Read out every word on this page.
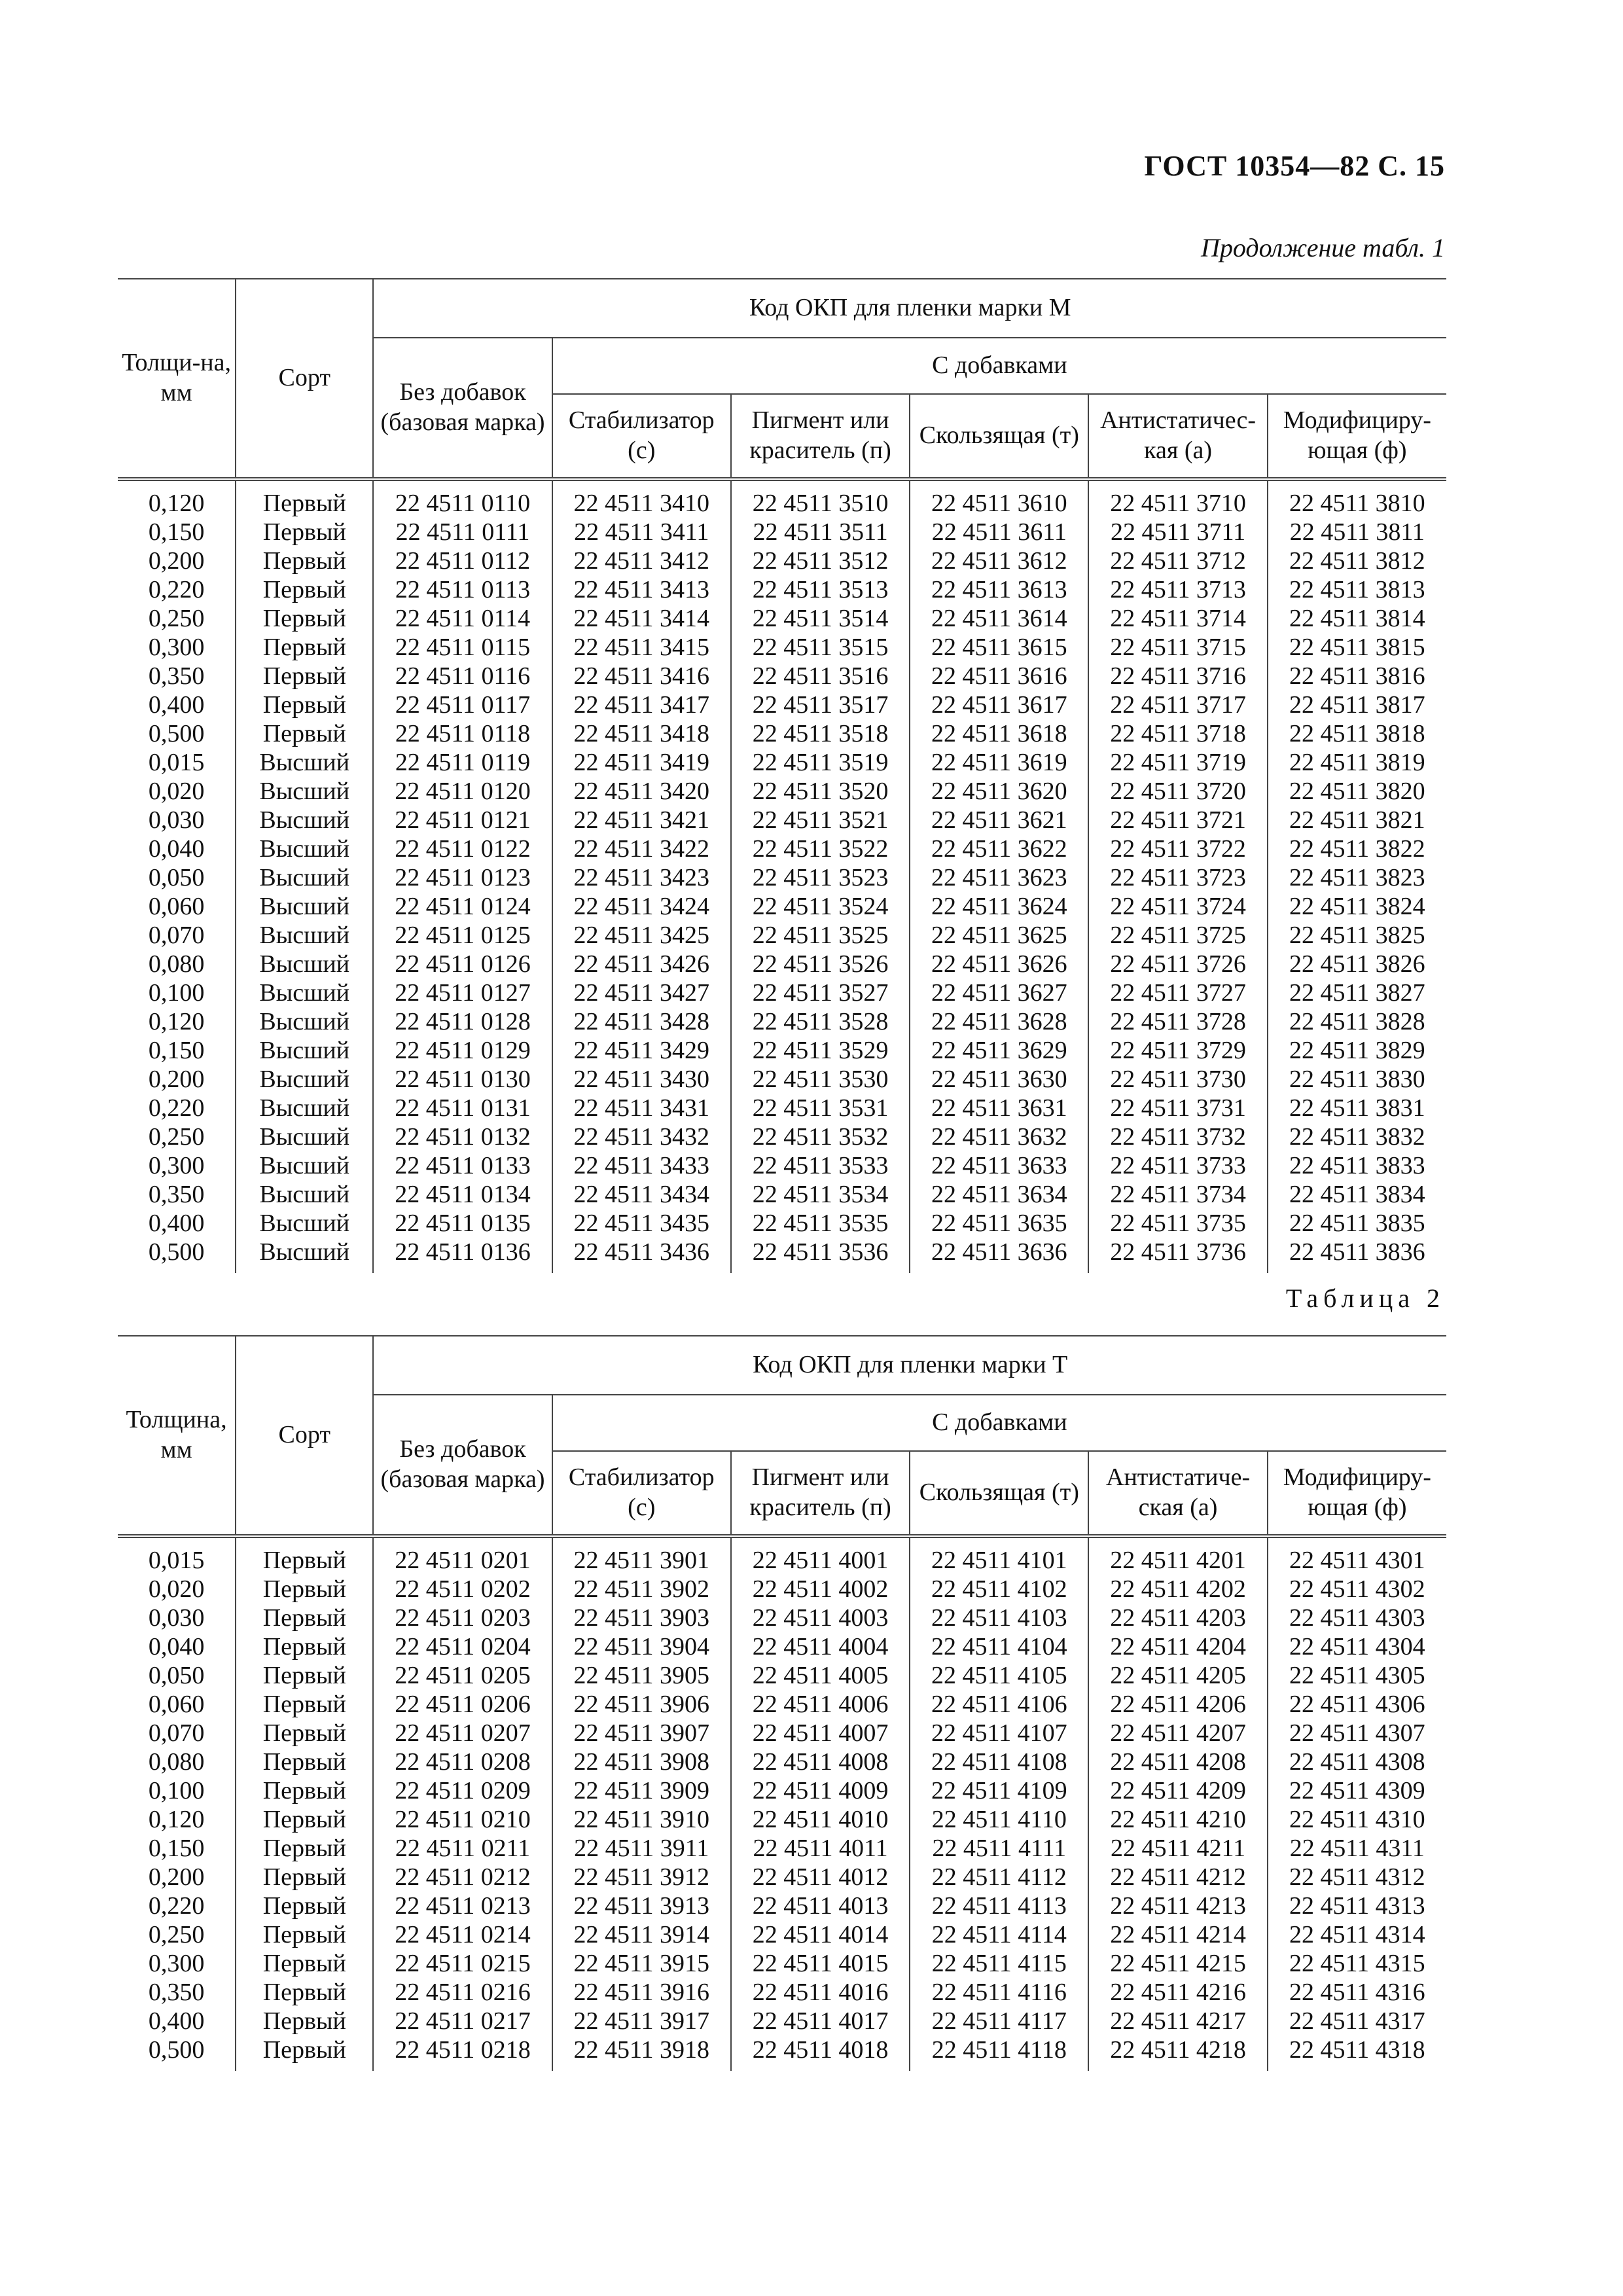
ГОСТ 10354—82 С. 15
Продолжение табл. 1
Толщи-на, мм	Сорт	Код ОКП для пленки марки М					
		Без добавок (базовая марка)	С добавками				
			Стабилизатор (с)	Пигмент или краситель (п)	Скользящая (т)	Антистатичес-кая (а)	Модифициру-ющая (ф)
0,120	Первый	22 4511 0110	22 4511 3410	22 4511 3510	22 4511 3610	22 4511 3710	22 4511 3810
0,150	Первый	22 4511 0111	22 4511 3411	22 4511 3511	22 4511 3611	22 4511 3711	22 4511 3811
0,200	Первый	22 4511 0112	22 4511 3412	22 4511 3512	22 4511 3612	22 4511 3712	22 4511 3812
0,220	Первый	22 4511 0113	22 4511 3413	22 4511 3513	22 4511 3613	22 4511 3713	22 4511 3813
0,250	Первый	22 4511 0114	22 4511 3414	22 4511 3514	22 4511 3614	22 4511 3714	22 4511 3814
0,300	Первый	22 4511 0115	22 4511 3415	22 4511 3515	22 4511 3615	22 4511 3715	22 4511 3815
0,350	Первый	22 4511 0116	22 4511 3416	22 4511 3516	22 4511 3616	22 4511 3716	22 4511 3816
0,400	Первый	22 4511 0117	22 4511 3417	22 4511 3517	22 4511 3617	22 4511 3717	22 4511 3817
0,500	Первый	22 4511 0118	22 4511 3418	22 4511 3518	22 4511 3618	22 4511 3718	22 4511 3818
0,015	Высший	22 4511 0119	22 4511 3419	22 4511 3519	22 4511 3619	22 4511 3719	22 4511 3819
0,020	Высший	22 4511 0120	22 4511 3420	22 4511 3520	22 4511 3620	22 4511 3720	22 4511 3820
0,030	Высший	22 4511 0121	22 4511 3421	22 4511 3521	22 4511 3621	22 4511 3721	22 4511 3821
0,040	Высший	22 4511 0122	22 4511 3422	22 4511 3522	22 4511 3622	22 4511 3722	22 4511 3822
0,050	Высший	22 4511 0123	22 4511 3423	22 4511 3523	22 4511 3623	22 4511 3723	22 4511 3823
0,060	Высший	22 4511 0124	22 4511 3424	22 4511 3524	22 4511 3624	22 4511 3724	22 4511 3824
0,070	Высший	22 4511 0125	22 4511 3425	22 4511 3525	22 4511 3625	22 4511 3725	22 4511 3825
0,080	Высший	22 4511 0126	22 4511 3426	22 4511 3526	22 4511 3626	22 4511 3726	22 4511 3826
0,100	Высший	22 4511 0127	22 4511 3427	22 4511 3527	22 4511 3627	22 4511 3727	22 4511 3827
0,120	Высший	22 4511 0128	22 4511 3428	22 4511 3528	22 4511 3628	22 4511 3728	22 4511 3828
0,150	Высший	22 4511 0129	22 4511 3429	22 4511 3529	22 4511 3629	22 4511 3729	22 4511 3829
0,200	Высший	22 4511 0130	22 4511 3430	22 4511 3530	22 4511 3630	22 4511 3730	22 4511 3830
0,220	Высший	22 4511 0131	22 4511 3431	22 4511 3531	22 4511 3631	22 4511 3731	22 4511 3831
0,250	Высший	22 4511 0132	22 4511 3432	22 4511 3532	22 4511 3632	22 4511 3732	22 4511 3832
0,300	Высший	22 4511 0133	22 4511 3433	22 4511 3533	22 4511 3633	22 4511 3733	22 4511 3833
0,350	Высший	22 4511 0134	22 4511 3434	22 4511 3534	22 4511 3634	22 4511 3734	22 4511 3834
0,400	Высший	22 4511 0135	22 4511 3435	22 4511 3535	22 4511 3635	22 4511 3735	22 4511 3835
0,500	Высший	22 4511 0136	22 4511 3436	22 4511 3536	22 4511 3636	22 4511 3736	22 4511 3836
Таблица 2
Толщина, мм	Сорт	Код ОКП для пленки марки Т					
		Без добавок (базовая марка)	С добавками				
			Стабилизатор (с)	Пигмент или краситель (п)	Скользящая (т)	Антистатиче-ская (а)	Модифициру-ющая (ф)
0,015	Первый	22 4511 0201	22 4511 3901	22 4511 4001	22 4511 4101	22 4511 4201	22 4511 4301
0,020	Первый	22 4511 0202	22 4511 3902	22 4511 4002	22 4511 4102	22 4511 4202	22 4511 4302
0,030	Первый	22 4511 0203	22 4511 3903	22 4511 4003	22 4511 4103	22 4511 4203	22 4511 4303
0,040	Первый	22 4511 0204	22 4511 3904	22 4511 4004	22 4511 4104	22 4511 4204	22 4511 4304
0,050	Первый	22 4511 0205	22 4511 3905	22 4511 4005	22 4511 4105	22 4511 4205	22 4511 4305
0,060	Первый	22 4511 0206	22 4511 3906	22 4511 4006	22 4511 4106	22 4511 4206	22 4511 4306
0,070	Первый	22 4511 0207	22 4511 3907	22 4511 4007	22 4511 4107	22 4511 4207	22 4511 4307
0,080	Первый	22 4511 0208	22 4511 3908	22 4511 4008	22 4511 4108	22 4511 4208	22 4511 4308
0,100	Первый	22 4511 0209	22 4511 3909	22 4511 4009	22 4511 4109	22 4511 4209	22 4511 4309
0,120	Первый	22 4511 0210	22 4511 3910	22 4511 4010	22 4511 4110	22 4511 4210	22 4511 4310
0,150	Первый	22 4511 0211	22 4511 3911	22 4511 4011	22 4511 4111	22 4511 4211	22 4511 4311
0,200	Первый	22 4511 0212	22 4511 3912	22 4511 4012	22 4511 4112	22 4511 4212	22 4511 4312
0,220	Первый	22 4511 0213	22 4511 3913	22 4511 4013	22 4511 4113	22 4511 4213	22 4511 4313
0,250	Первый	22 4511 0214	22 4511 3914	22 4511 4014	22 4511 4114	22 4511 4214	22 4511 4314
0,300	Первый	22 4511 0215	22 4511 3915	22 4511 4015	22 4511 4115	22 4511 4215	22 4511 4315
0,350	Первый	22 4511 0216	22 4511 3916	22 4511 4016	22 4511 4116	22 4511 4216	22 4511 4316
0,400	Первый	22 4511 0217	22 4511 3917	22 4511 4017	22 4511 4117	22 4511 4217	22 4511 4317
0,500	Первый	22 4511 0218	22 4511 3918	22 4511 4018	22 4511 4118	22 4511 4218	22 4511 4318
